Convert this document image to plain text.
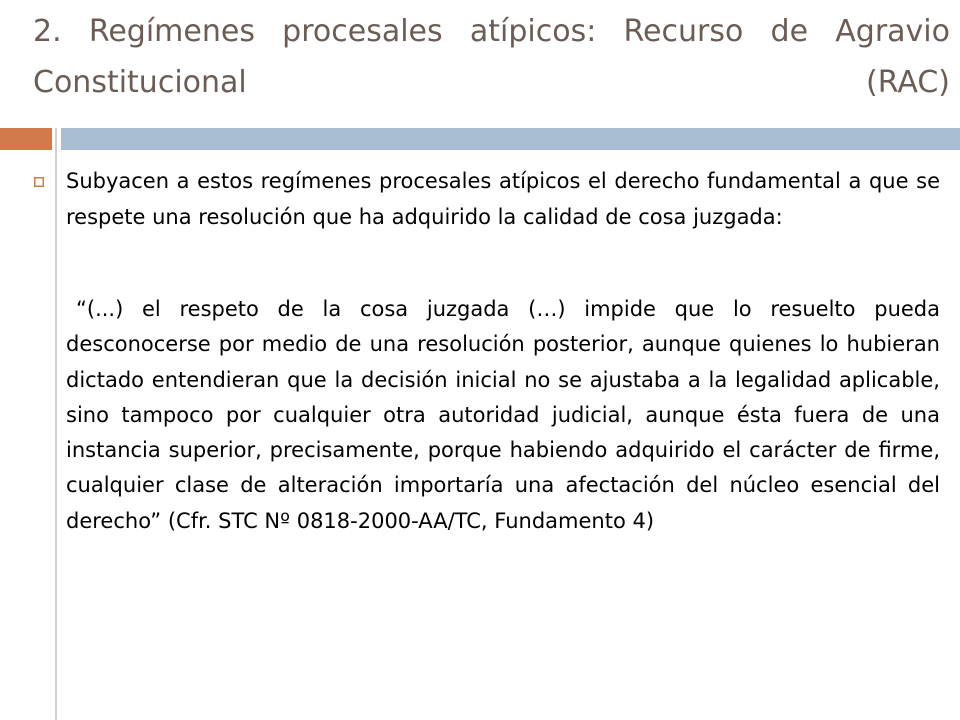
2. Regímenes procesales atípicos: Recurso de Agravio
Constitucional (RAC)

Subyacen a estos regímenes procesales atípicos el derecho fundamental a que se respete una resolución que ha adquirido la calidad de cosa juzgada:

“(...) el respeto de la cosa juzgada (…) impide que lo resuelto pueda desconocerse por medio de una resolución posterior, aunque quienes lo hubieran dictado entendieran que la decisión inicial no se ajustaba a la legalidad aplicable, sino tampoco por cualquier otra autoridad judicial, aunque ésta fuera de una instancia superior, precisamente, porque habiendo adquirido el carácter de firme, cualquier clase de alteración importaría una afectación del núcleo esencial del derecho” (Cfr. STC Nº 0818-2000-AA/TC, Fundamento 4)
